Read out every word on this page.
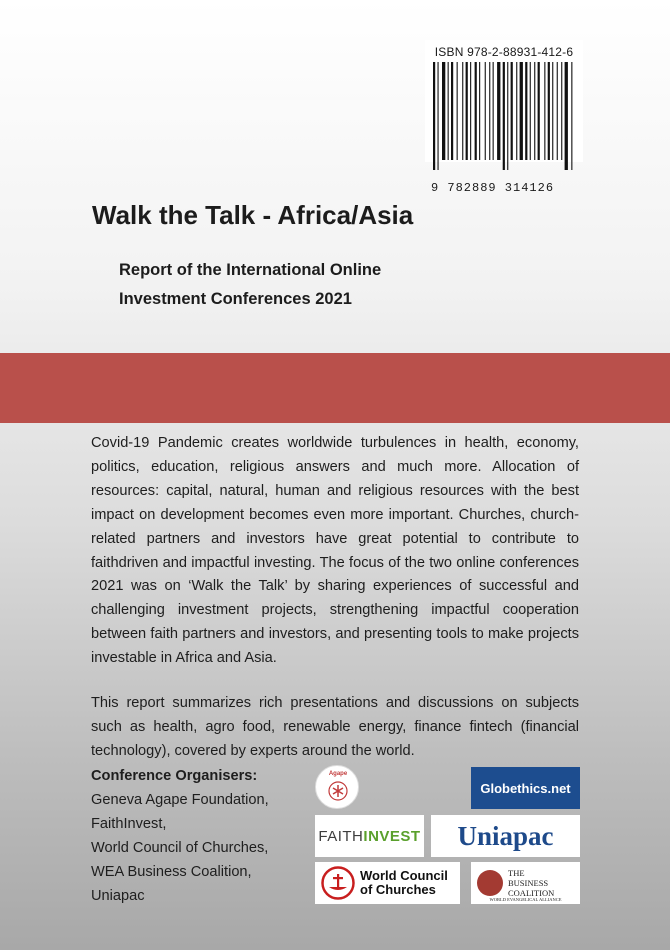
ISBN 978-2-88931-412-6
9 782889 314126
Walk the Talk - Africa/Asia
Report of the International Online
Investment Conferences 2021

Covid-19 Pandemic creates worldwide turbulences in health, economy, politics, education, religious answers and much more. Allocation of resources: capital, natural, human and religious resources with the best impact on development becomes even more important. Churches, church-related partners and investors have great potential to contribute to faithdriven and impactful investing. The focus of the two online conferences 2021 was on ‘Walk the Talk’ by sharing experiences of successful and challenging investment projects, strengthening impactful cooperation between faith partners and investors, and presenting tools to make projects investable in Africa and Asia.

This report summarizes rich presentations and discussions on subjects such as health, agro food, renewable energy, finance fintech (financial technology), covered by experts around the world.

Conference Organisers:
Geneva Agape Foundation,
FaithInvest,
World Council of Churches,
WEA Business Coalition,
Uniapac
Agape
Globethics.net
FAITH INVEST Uniapac
World Council
of Churches
THE
BUSINESS
COALITION
WORLD EVANGELICAL ALLIANCE
